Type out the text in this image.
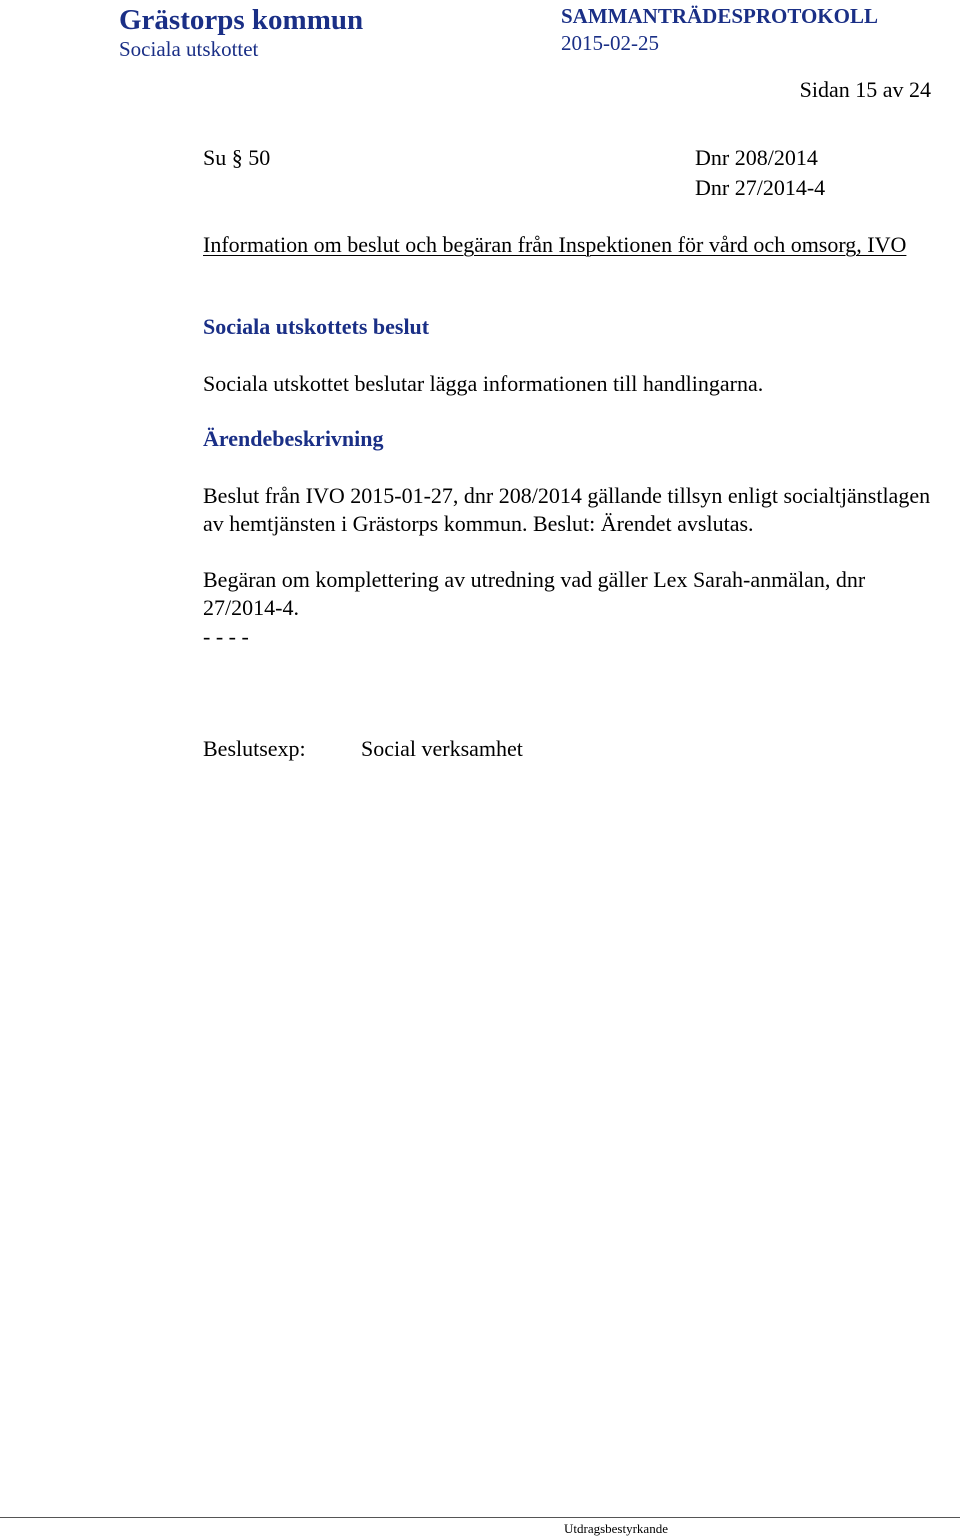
Grästorps kommun
Sociala utskottet
SAMMANTRÄDESPROTOKOLL
2015-02-25
Sidan 15 av 24
Su § 50	Dnr 208/2014
Dnr 27/2014-4
Information om beslut och begäran från Inspektionen för vård och omsorg, IVO
Sociala utskottets beslut
Sociala utskottet beslutar lägga informationen till handlingarna.
Ärendebeskrivning
Beslut från IVO 2015-01-27, dnr 208/2014 gällande tillsyn enligt socialtjänstlagen av hemtjänsten i Grästorps kommun. Beslut: Ärendet avslutas.
Begäran om komplettering av utredning vad gäller Lex Sarah-anmälan, dnr 27/2014-4.
- - - -
Beslutsexp:	Social verksamhet
Utdragsbestyrkande
